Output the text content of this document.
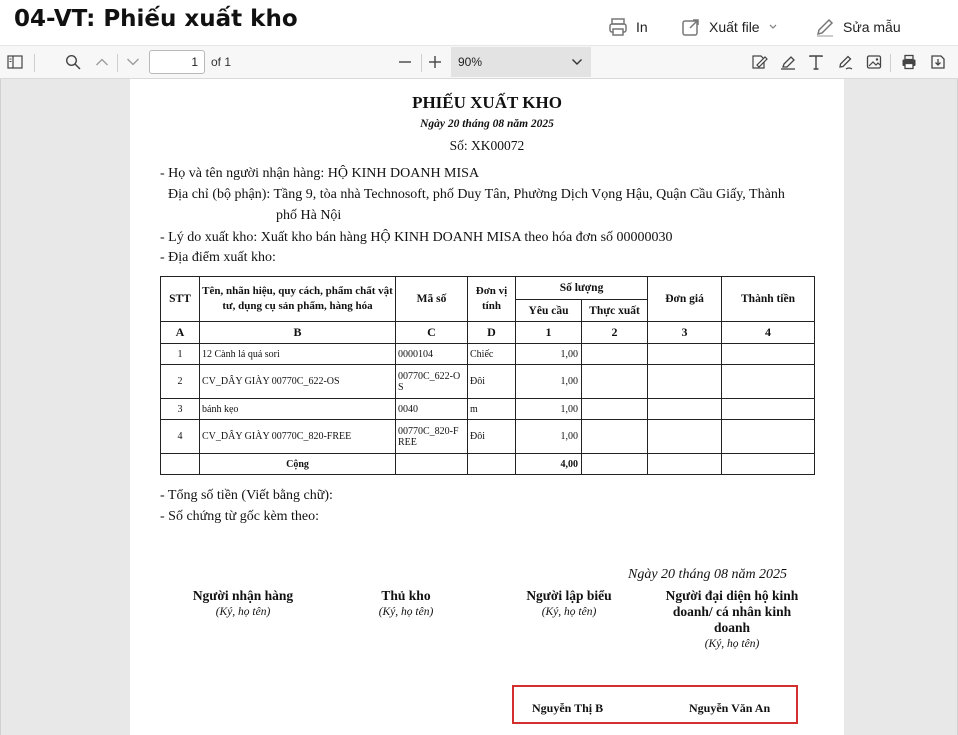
04-VT: Phiếu xuất kho	In	Xuất file	Sửa mẫu
1
of 1	90%
PHIẾU XUẤT KHO
Ngày 20 tháng 08 năm 2025
Số: XK00072
- Họ và tên người nhận hàng: HỘ KINH DOANH MISA
Địa chỉ (bộ phận): Tầng 9, tòa nhà Technosoft, phố Duy Tân, Phường Dịch Vọng Hậu, Quận Cầu Giấy, Thành
phố Hà Nội
- Lý do xuất kho: Xuất kho bán hàng HỘ KINH DOANH MISA theo hóa đơn số 00000030
- Địa điểm xuất kho:
STT	Tên, nhãn hiệu, quy cách, phẩm chất vật tư, dụng cụ sản phẩm, hàng hóa	Mã số	Đơn vị tính	Số lượng		Đơn giá	Thành tiền
				Yêu cầu	Thực xuất		
A	B	C	D	1	2	3	4
1	12 Cành lá quả sori	0000104	Chiếc	1,00			
2	CV_DÂY GIÀY 00770C_622-OS	00770C_622-OS	Đôi	1,00			
3	bánh kẹo	0040	m	1,00			
4	CV_DÂY GIÀY 00770C_820-FREE	00770C_820-FREE	Đôi	1,00			
	Cộng			4,00			
- Tổng số tiền (Viết bằng chữ):
- Số chứng từ gốc kèm theo:
Ngày 20 tháng 08 năm 2025
Người nhận hàng
(Ký, họ tên)
Thủ kho
(Ký, họ tên)
Người lập biểu
(Ký, họ tên)
Người đại diện hộ kinh doanh/ cá nhân kinh doanh
(Ký, họ tên)
Nguyễn Thị B	Nguyễn Văn An
